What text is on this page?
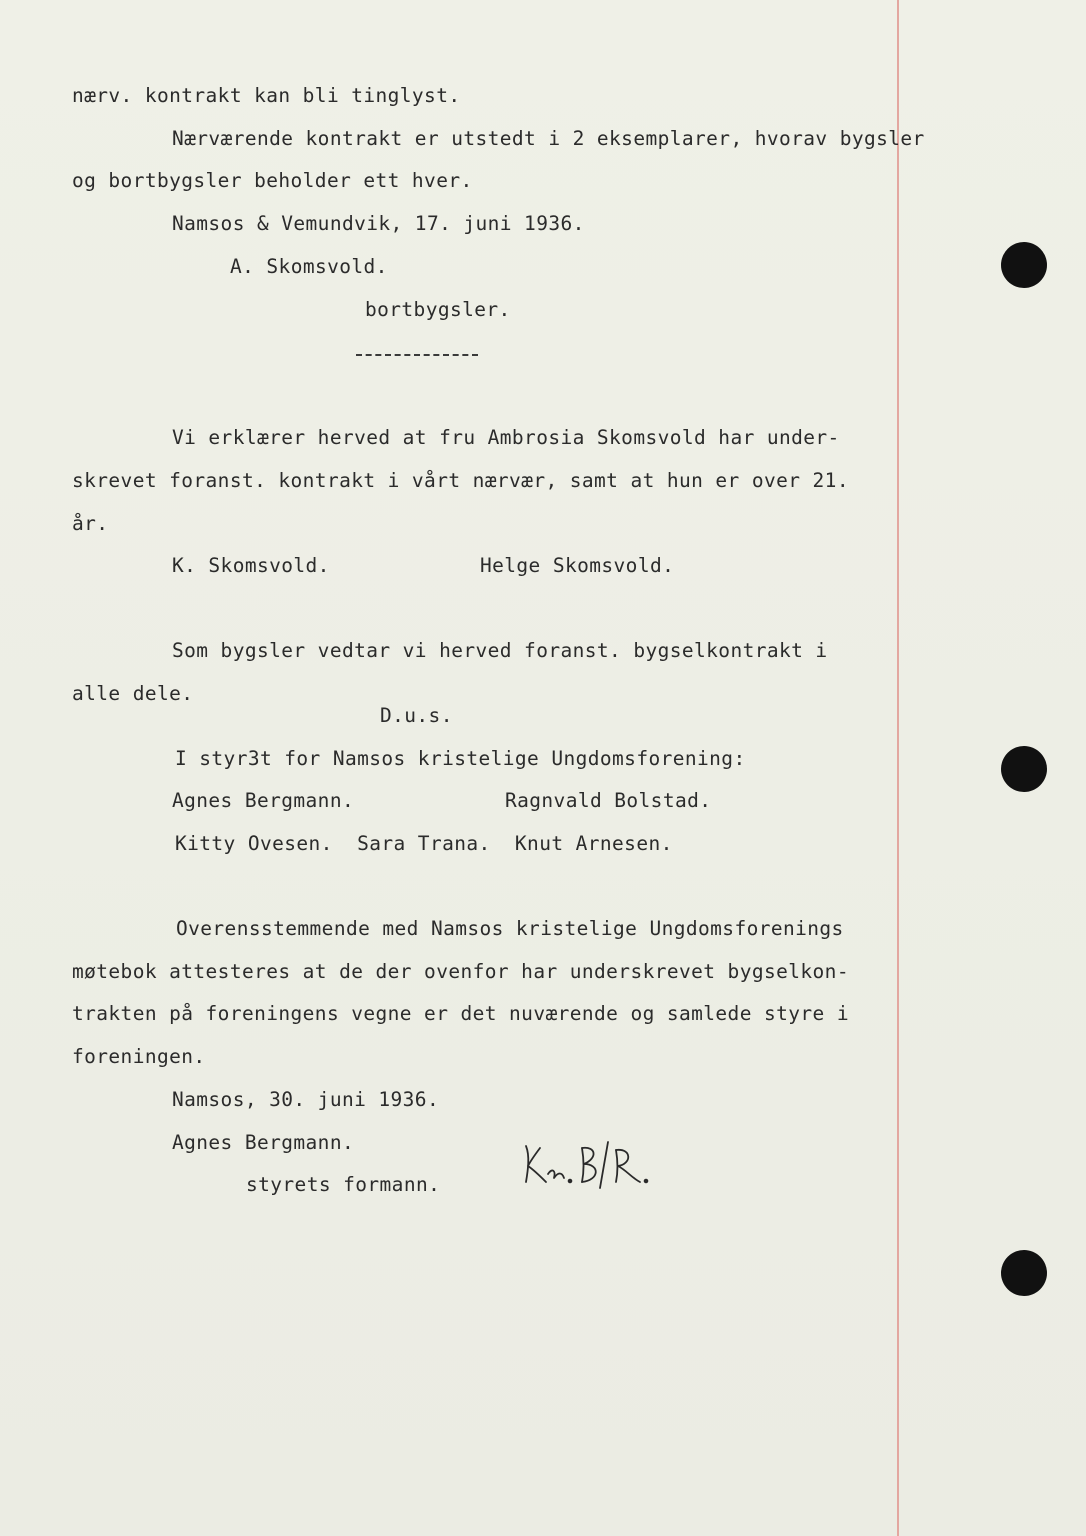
nærv. kontrakt kan bli tinglyst.
Nærværende kontrakt er utstedt i 2 eksemplarer, hvorav bygsler
og bortbygsler beholder ett hver.
Namsos & Vemundvik, 17. juni 1936.
A. Skomsvold.
bortbygsler.
Vi erklærer herved at fru Ambrosia Skomsvold har under-
skrevet foranst. kontrakt i vårt nærvær, samt at hun er over 21.
år.
K. Skomsvold.	Helge Skomsvold.
Som bygsler vedtar vi herved foranst. bygselkontrakt i
alle dele.
D.u.s.
I styr3t for Namsos kristelige Ungdomsforening:
Agnes Bergmann.	Ragnvald Bolstad.
Kitty Ovesen.  Sara Trana.  Knut Arnesen.
Overensstemmende med Namsos kristelige Ungdomsforenings
møtebok attesteres at de der ovenfor har underskrevet bygselkon-
trakten på foreningens vegne er det nuværende og samlede styre i
foreningen.
Namsos, 30. juni 1936.
Agnes Bergmann.
styrets formann.
